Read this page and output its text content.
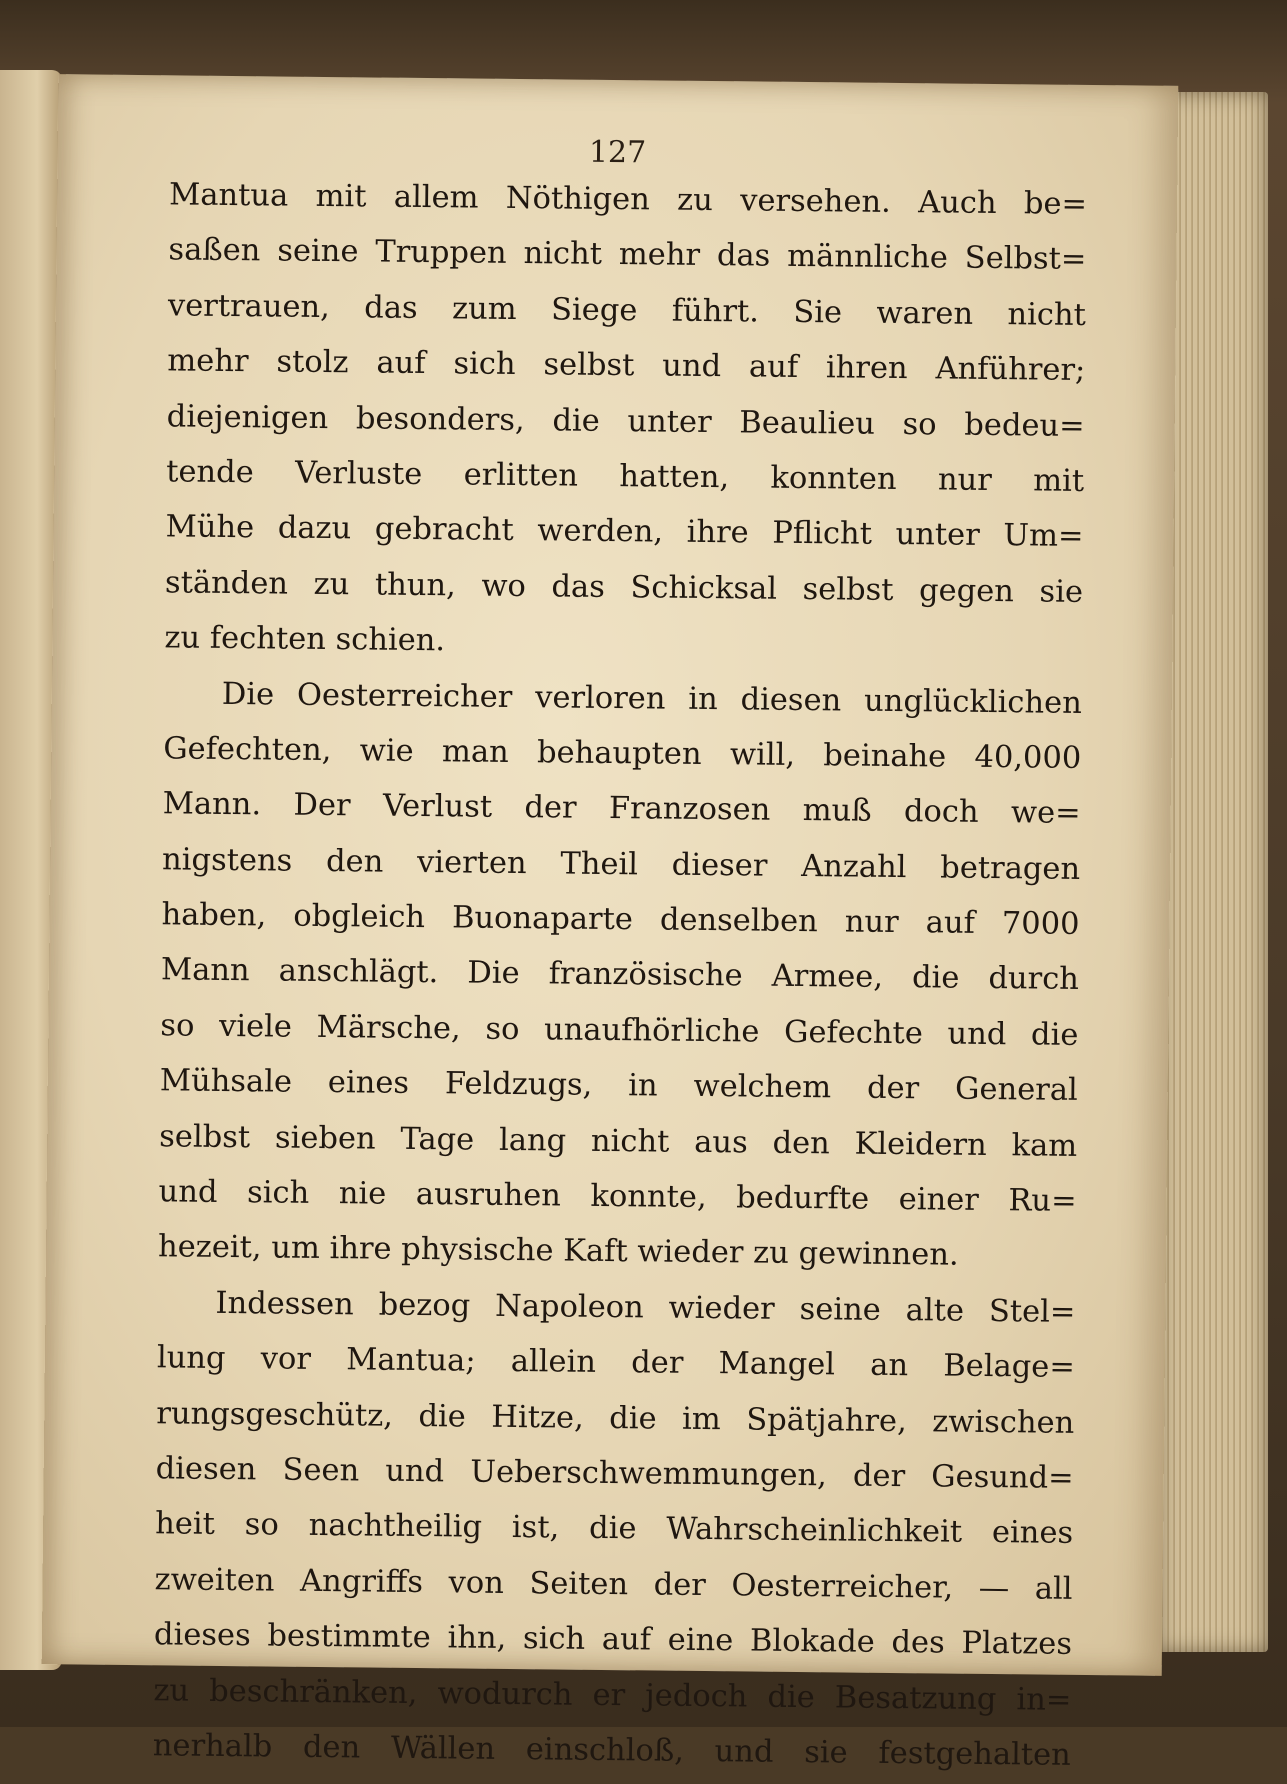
127
Mantua mit allem Nöthigen zu versehen. Auch be=
saßen seine Truppen nicht mehr das männliche Selbst=
vertrauen, das zum Siege führt. Sie waren nicht
mehr stolz auf sich selbst und auf ihren Anführer;
diejenigen besonders, die unter Beaulieu so bedeu=
tende Verluste erlitten hatten, konnten nur mit
Mühe dazu gebracht werden, ihre Pflicht unter Um=
ständen zu thun, wo das Schicksal selbst gegen sie
zu fechten schien.
Die Oesterreicher verloren in diesen unglücklichen
Gefechten, wie man behaupten will, beinahe 40,000
Mann. Der Verlust der Franzosen muß doch we=
nigstens den vierten Theil dieser Anzahl betragen
haben, obgleich Buonaparte denselben nur auf 7000
Mann anschlägt. Die französische Armee, die durch
so viele Märsche, so unaufhörliche Gefechte und die
Mühsale eines Feldzugs, in welchem der General
selbst sieben Tage lang nicht aus den Kleidern kam
und sich nie ausruhen konnte, bedurfte einer Ru=
hezeit, um ihre physische Kaft wieder zu gewinnen.
Indessen bezog Napoleon wieder seine alte Stel=
lung vor Mantua; allein der Mangel an Belage=
rungsgeschütz, die Hitze, die im Spätjahre, zwischen
diesen Seen und Ueberschwemmungen, der Gesund=
heit so nachtheilig ist, die Wahrscheinlichkeit eines
zweiten Angriffs von Seiten der Oesterreicher, — all
dieses bestimmte ihn, sich auf eine Blokade des Platzes
zu beschränken, wodurch er jedoch die Besatzung in=
nerhalb den Wällen einschloß, und sie festgehalten
